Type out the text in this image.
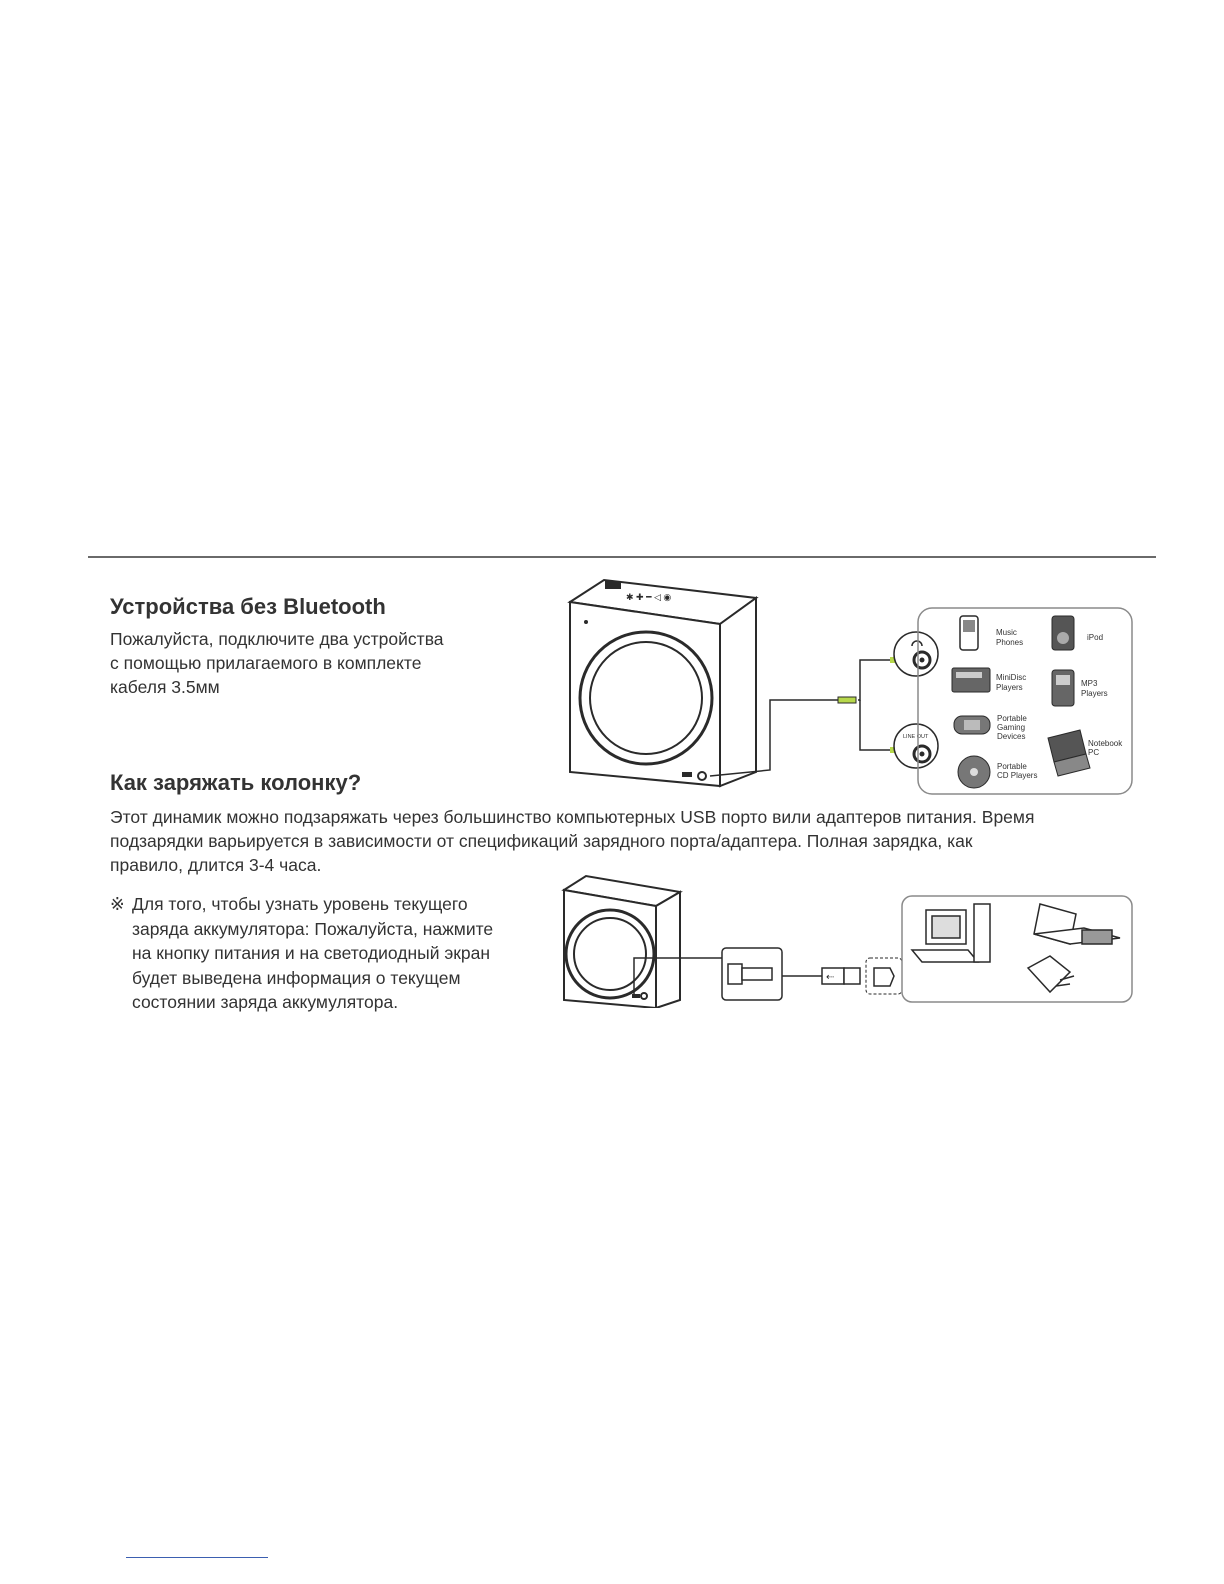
Устройства без Bluetooth

Пожалуйста, подключите два устройства

с помощью прилагаемого в комплекте

кабеля 3.5мм

✱ ✚ ━ ◁ ◉
LINE OUT
Music
Phones
iPod
MiniDisc
Players	MP3
Players
Portable
Gaming
Devices
Notebook
PC
Portable
CD Players
Как заряжать колонку?

Этот динамик можно подзаряжать через большинство компьютерных USB порто вили адаптеров питания. Время

подзарядки варьируется в зависимости от спецификаций зарядного порта/адаптера. Полная зарядка, как

правило, длится 3-4 часа.

※ Для того, чтобы узнать уровень текущего
заряда аккумулятора: Пожалуйста, нажмите
на кнопку питания и на светодиодный экран
будет выведена информация о текущем
состоянии заряда аккумулятора.
⇠
